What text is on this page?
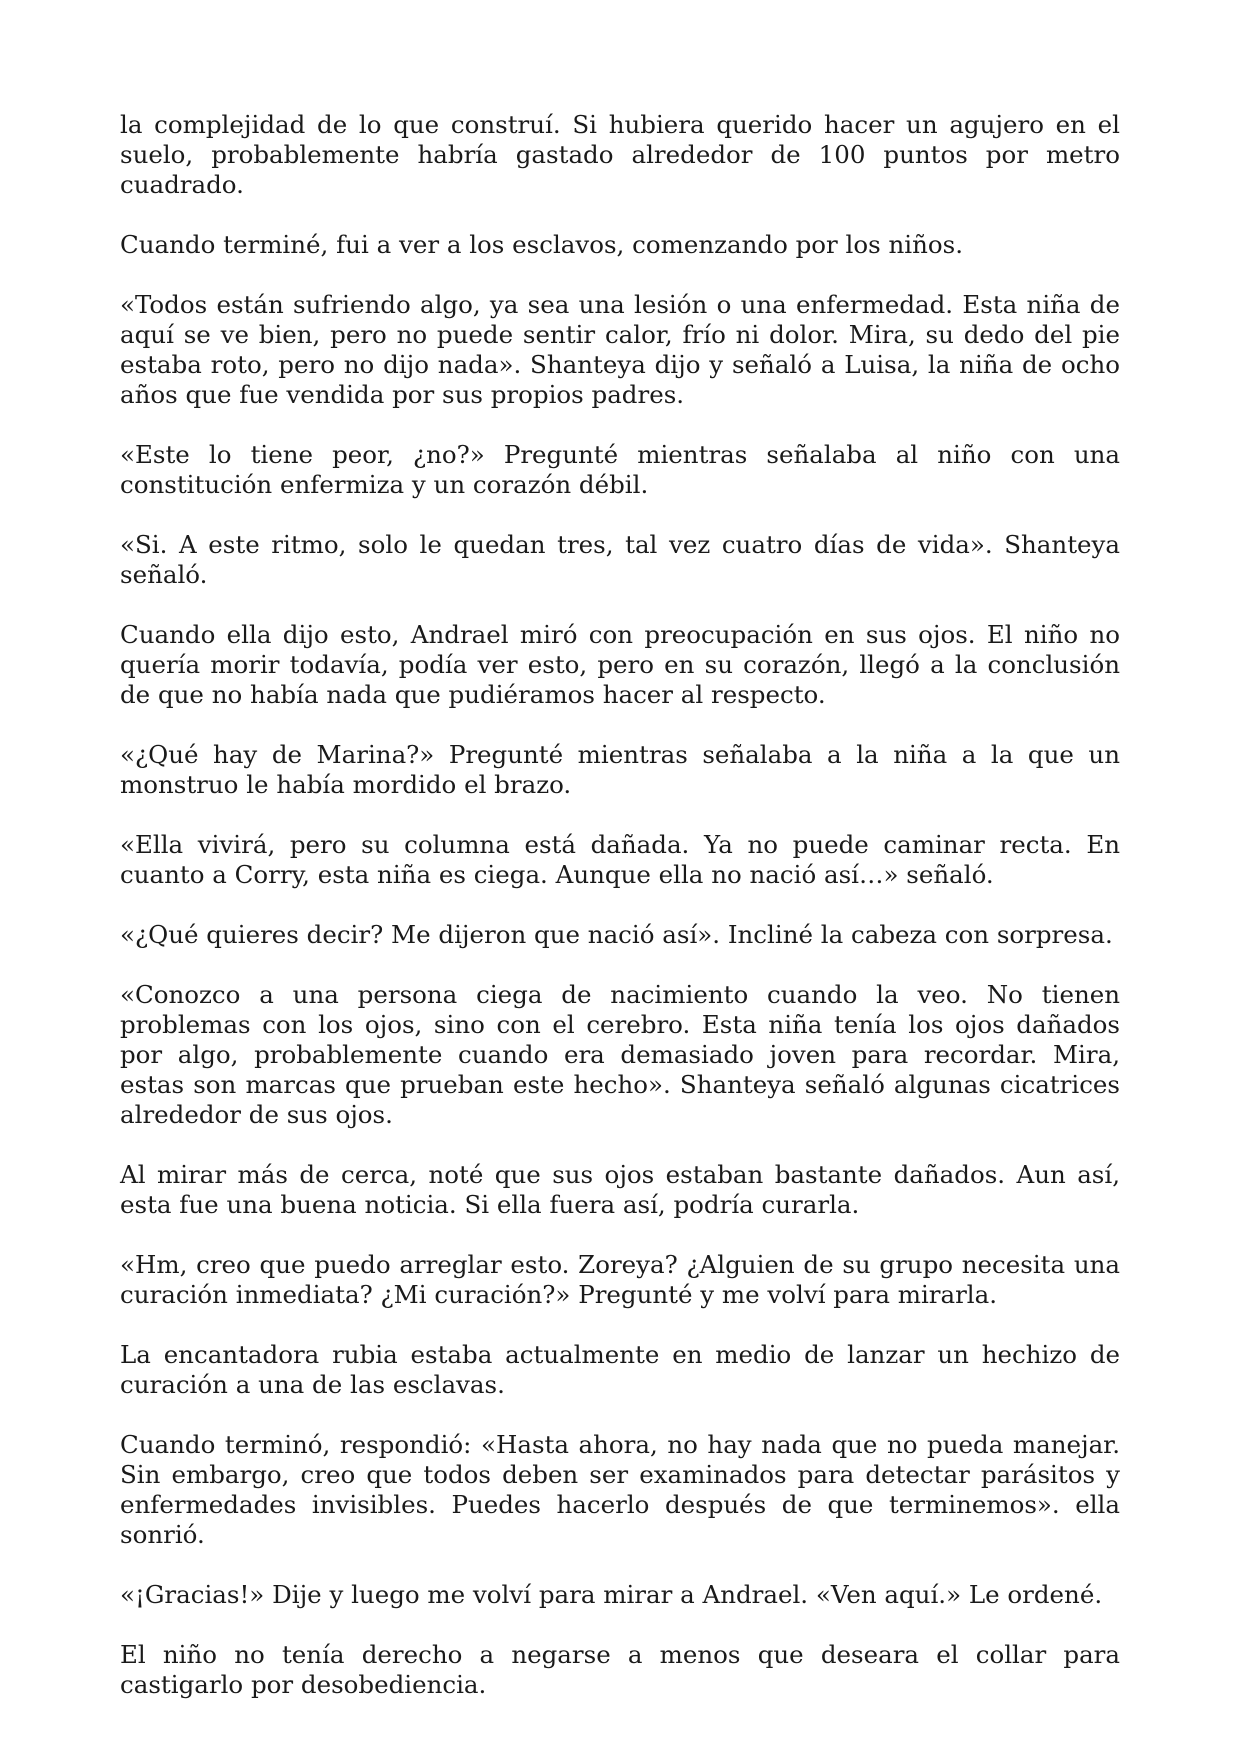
la complejidad de lo que construí. Si hubiera querido hacer un agujero en el suelo, probablemente habría gastado alrededor de 100 puntos por metro cuadrado.

Cuando terminé, fui a ver a los esclavos, comenzando por los niños.

«Todos están sufriendo algo, ya sea una lesión o una enfermedad. Esta niña de aquí se ve bien, pero no puede sentir calor, frío ni dolor. Mira, su dedo del pie estaba roto, pero no dijo nada». Shanteya dijo y señaló a Luisa, la niña de ocho años que fue vendida por sus propios padres.

«Este lo tiene peor, ¿no?» Pregunté mientras señalaba al niño con una constitución enfermiza y un corazón débil.

«Si. A este ritmo, solo le quedan tres, tal vez cuatro días de vida». Shanteya señaló.

Cuando ella dijo esto, Andrael miró con preocupación en sus ojos. El niño no quería morir todavía, podía ver esto, pero en su corazón, llegó a la conclusión de que no había nada que pudiéramos hacer al respecto.

«¿Qué hay de Marina?» Pregunté mientras señalaba a la niña a la que un monstruo le había mordido el brazo.

«Ella vivirá, pero su columna está dañada. Ya no puede caminar recta. En cuanto a Corry, esta niña es ciega. Aunque ella no nació así…» señaló.

«¿Qué quieres decir? Me dijeron que nació así». Incliné la cabeza con sorpresa.

«Conozco a una persona ciega de nacimiento cuando la veo. No tienen problemas con los ojos, sino con el cerebro. Esta niña tenía los ojos dañados por algo, probablemente cuando era demasiado joven para recordar. Mira, estas son marcas que prueban este hecho». Shanteya señaló algunas cicatrices alrededor de sus ojos.

Al mirar más de cerca, noté que sus ojos estaban bastante dañados. Aun así, esta fue una buena noticia. Si ella fuera así, podría curarla.

«Hm, creo que puedo arreglar esto. Zoreya? ¿Alguien de su grupo necesita una curación inmediata? ¿Mi curación?» Pregunté y me volví para mirarla.

La encantadora rubia estaba actualmente en medio de lanzar un hechizo de curación a una de las esclavas.

Cuando terminó, respondió: «Hasta ahora, no hay nada que no pueda manejar. Sin embargo, creo que todos deben ser examinados para detectar parásitos y enfermedades invisibles. Puedes hacerlo después de que terminemos». ella sonrió.

«¡Gracias!» Dije y luego me volví para mirar a Andrael. «Ven aquí.» Le ordené.

El niño no tenía derecho a negarse a menos que deseara el collar para castigarlo por desobediencia.
